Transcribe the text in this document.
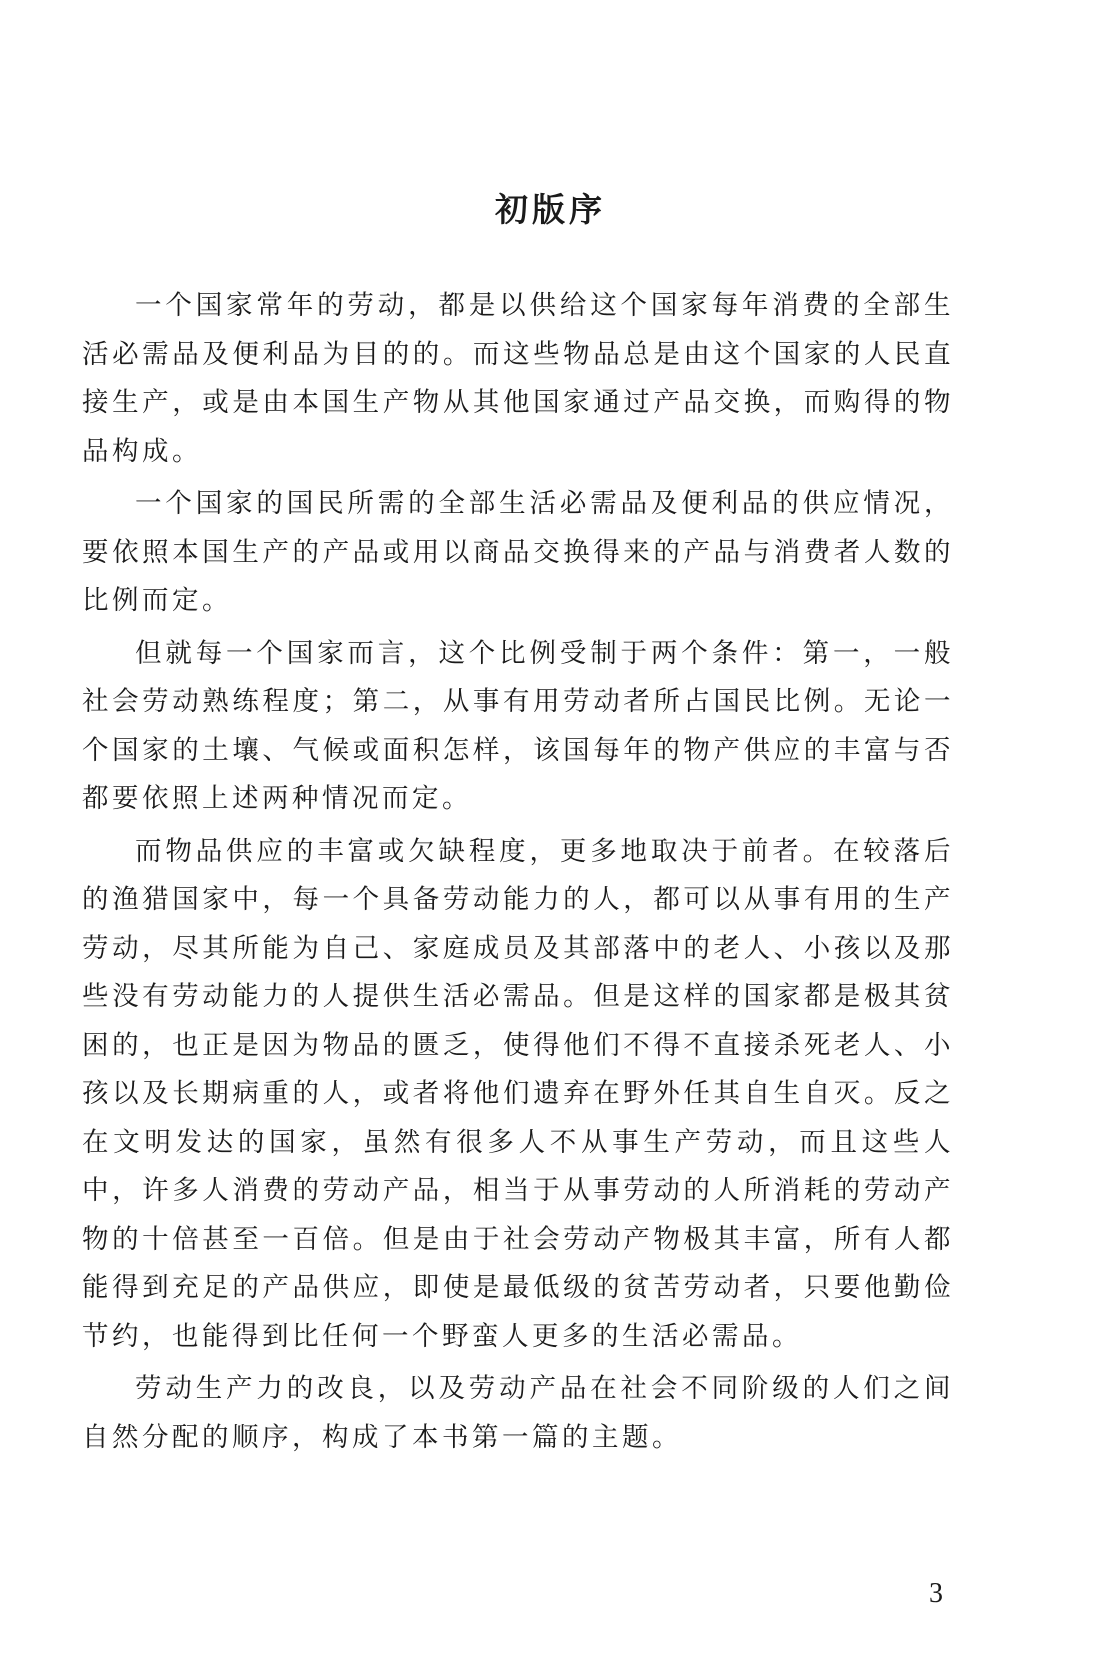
初版序

一个国家常年的劳动，都是以供给这个国家每年消费的全部生活必需品及便利品为目的的。而这些物品总是由这个国家的人民直接生产，或是由本国生产物从其他国家通过产品交换，而购得的物品构成。

一个国家的国民所需的全部生活必需品及便利品的供应情况，要依照本国生产的产品或用以商品交换得来的产品与消费者人数的比例而定。

但就每一个国家而言，这个比例受制于两个条件：第一，一般社会劳动熟练程度；第二，从事有用劳动者所占国民比例。无论一个国家的土壤、气候或面积怎样，该国每年的物产供应的丰富与否都要依照上述两种情况而定。

而物品供应的丰富或欠缺程度，更多地取决于前者。在较落后的渔猎国家中，每一个具备劳动能力的人，都可以从事有用的生产劳动，尽其所能为自己、家庭成员及其部落中的老人、小孩以及那些没有劳动能力的人提供生活必需品。但是这样的国家都是极其贫困的，也正是因为物品的匮乏，使得他们不得不直接杀死老人、小孩以及长期病重的人，或者将他们遗弃在野外任其自生自灭。反之在文明发达的国家，虽然有很多人不从事生产劳动，而且这些人中，许多人消费的劳动产品，相当于从事劳动的人所消耗的劳动产物的十倍甚至一百倍。但是由于社会劳动产物极其丰富，所有人都能得到充足的产品供应，即使是最低级的贫苦劳动者，只要他勤俭节约，也能得到比任何一个野蛮人更多的生活必需品。

劳动生产力的改良，以及劳动产品在社会不同阶级的人们之间自然分配的顺序，构成了本书第一篇的主题。

3
